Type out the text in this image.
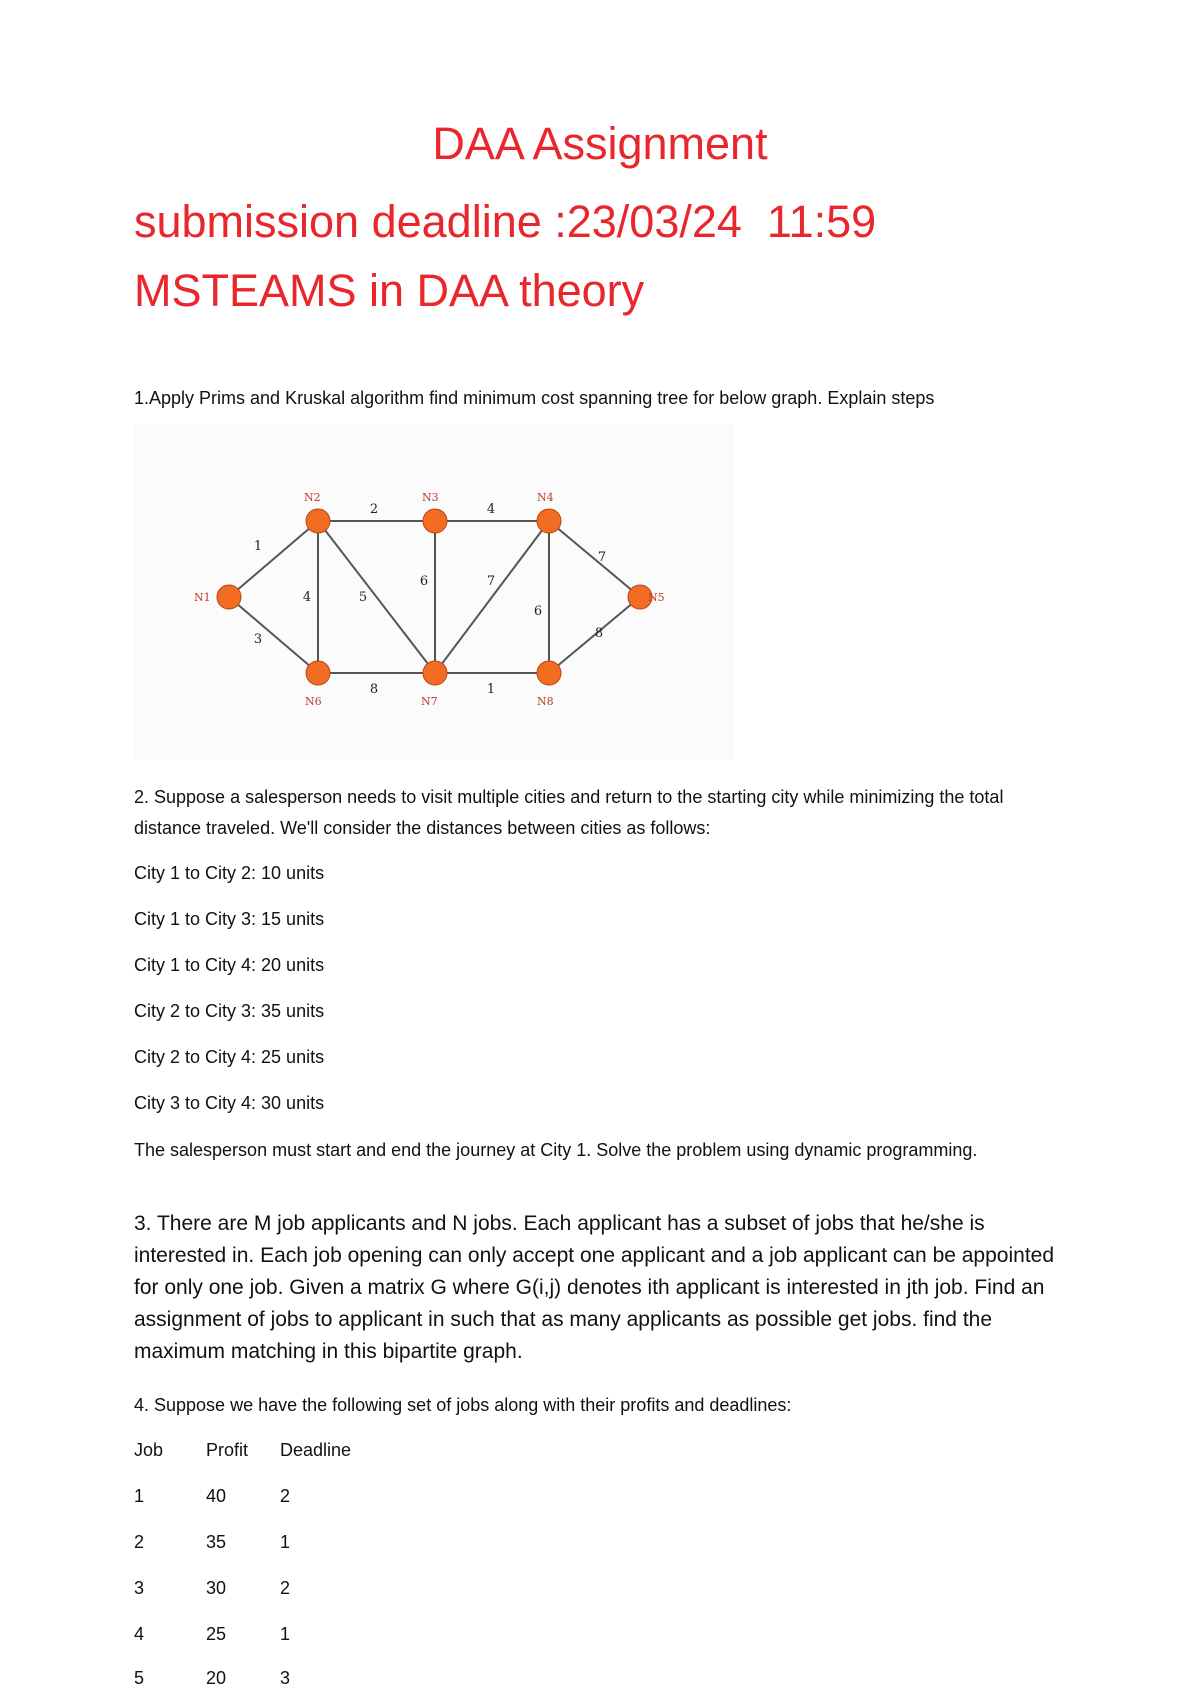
DAA Assignment
submission deadline :23/03/24  11:59
MSTEAMS in DAA theory
1.Apply Prims and Kruskal algorithm find minimum cost spanning tree for below graph. Explain steps
1
3
2	4
4	5
6	7
6
7
8
8	1
N1
N2	N3	N4
N5
N6	N7	N8
2. Suppose a salesperson needs to visit multiple cities and return to the starting city while minimizing the total distance traveled. We'll consider the distances between cities as follows:
City 1 to City 2: 10 units
City 1 to City 3: 15 units
City 1 to City 4: 20 units
City 2 to City 3: 35 units
City 2 to City 4: 25 units
City 3 to City 4: 30 units
The salesperson must start and end the journey at City 1. Solve the problem using dynamic programming.
3. There are M job applicants and N jobs. Each applicant has a subset of jobs that he/she is interested in. Each job opening can only accept one applicant and a job applicant can be appointed for only one job. Given a matrix G where G(i,j) denotes ith applicant is interested in jth job. Find an assignment of jobs to applicant in such that as many applicants as possible get jobs. find the maximum matching in this bipartite graph.
4. Suppose we have the following set of jobs along with their profits and deadlines:
Job Profit Deadline
1	40	2
2	35	1
3	30	2
4	25	1
5	20	3
